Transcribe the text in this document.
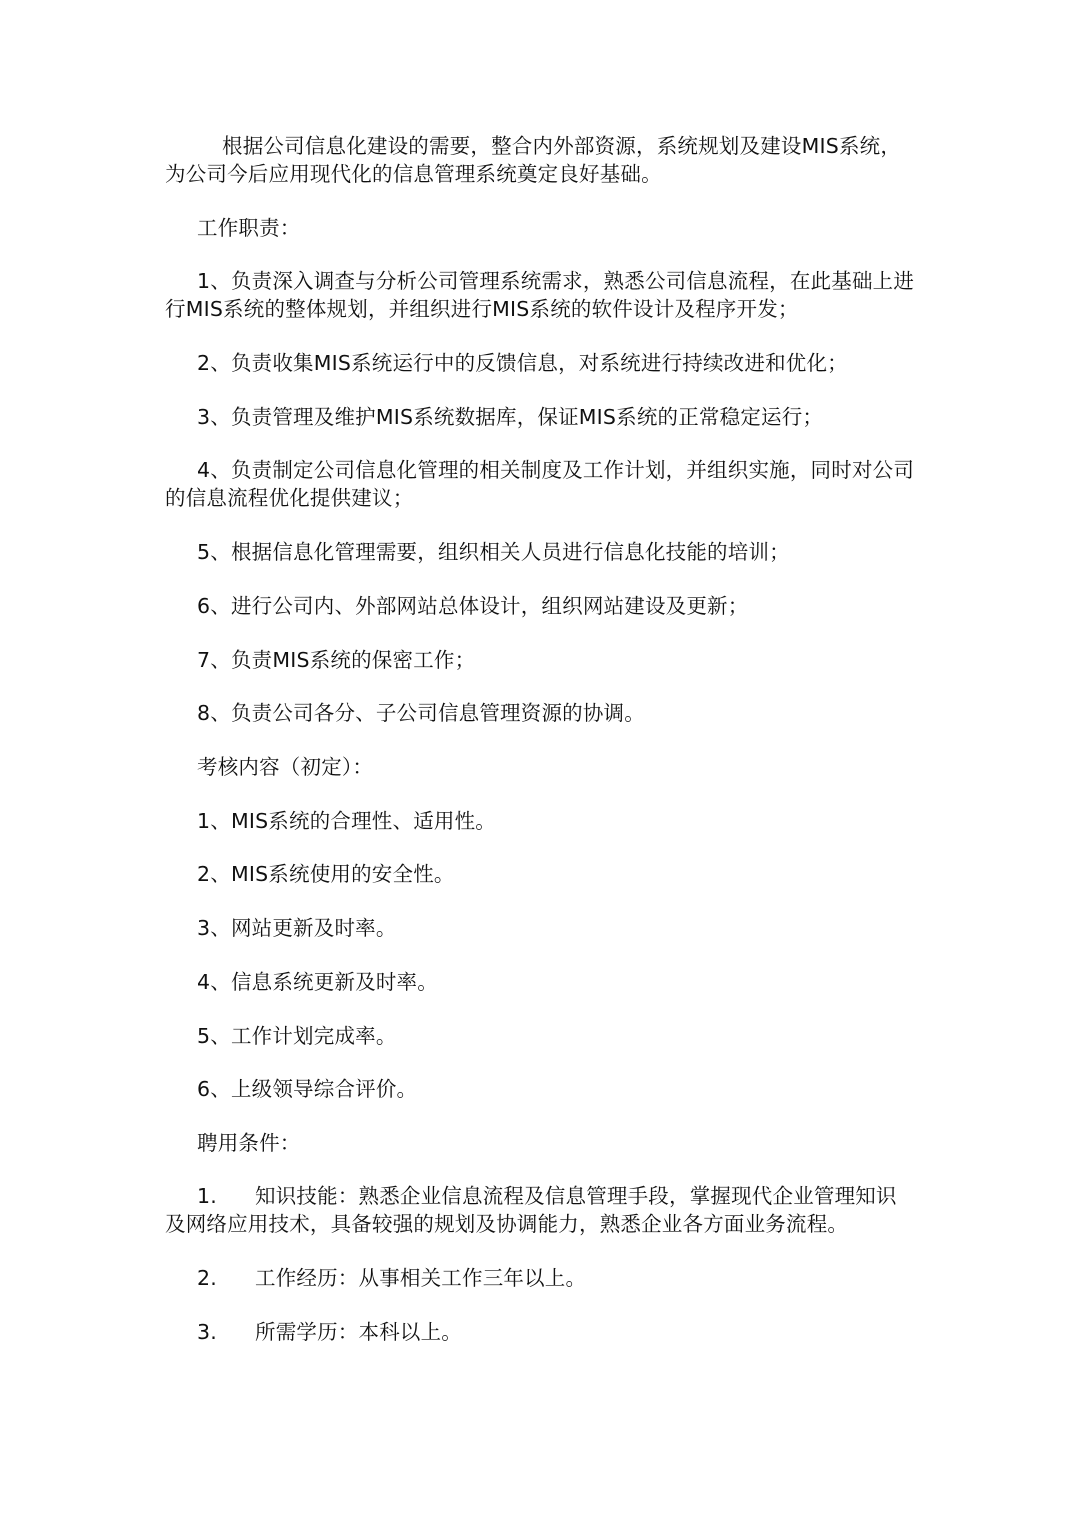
根据公司信息化建设的需要，整合内外部资源，系统规划及建设MIS系统，为公司今后应用现代化的信息管理系统奠定良好基础。
工作职责：
1、负责深入调查与分析公司管理系统需求，熟悉公司信息流程，在此基础上进行MIS系统的整体规划，并组织进行MIS系统的软件设计及程序开发；
2、负责收集MIS系统运行中的反馈信息，对系统进行持续改进和优化；
3、负责管理及维护MIS系统数据库，保证MIS系统的正常稳定运行；
4、负责制定公司信息化管理的相关制度及工作计划，并组织实施，同时对公司的信息流程优化提供建议；
5、根据信息化管理需要，组织相关人员进行信息化技能的培训；
6、进行公司内、外部网站总体设计，组织网站建设及更新；
7、负责MIS系统的保密工作；
8、负责公司各分、子公司信息管理资源的协调。
考核内容（初定）：
1、MIS系统的合理性、适用性。
2、MIS系统使用的安全性。
3、网站更新及时率。
4、信息系统更新及时率。
5、工作计划完成率。
6、上级领导综合评价。
聘用条件：
1. 知识技能：熟悉企业信息流程及信息管理手段，掌握现代企业管理知识及网络应用技术，具备较强的规划及协调能力，熟悉企业各方面业务流程。
2. 工作经历：从事相关工作三年以上。
3. 所需学历：本科以上。
